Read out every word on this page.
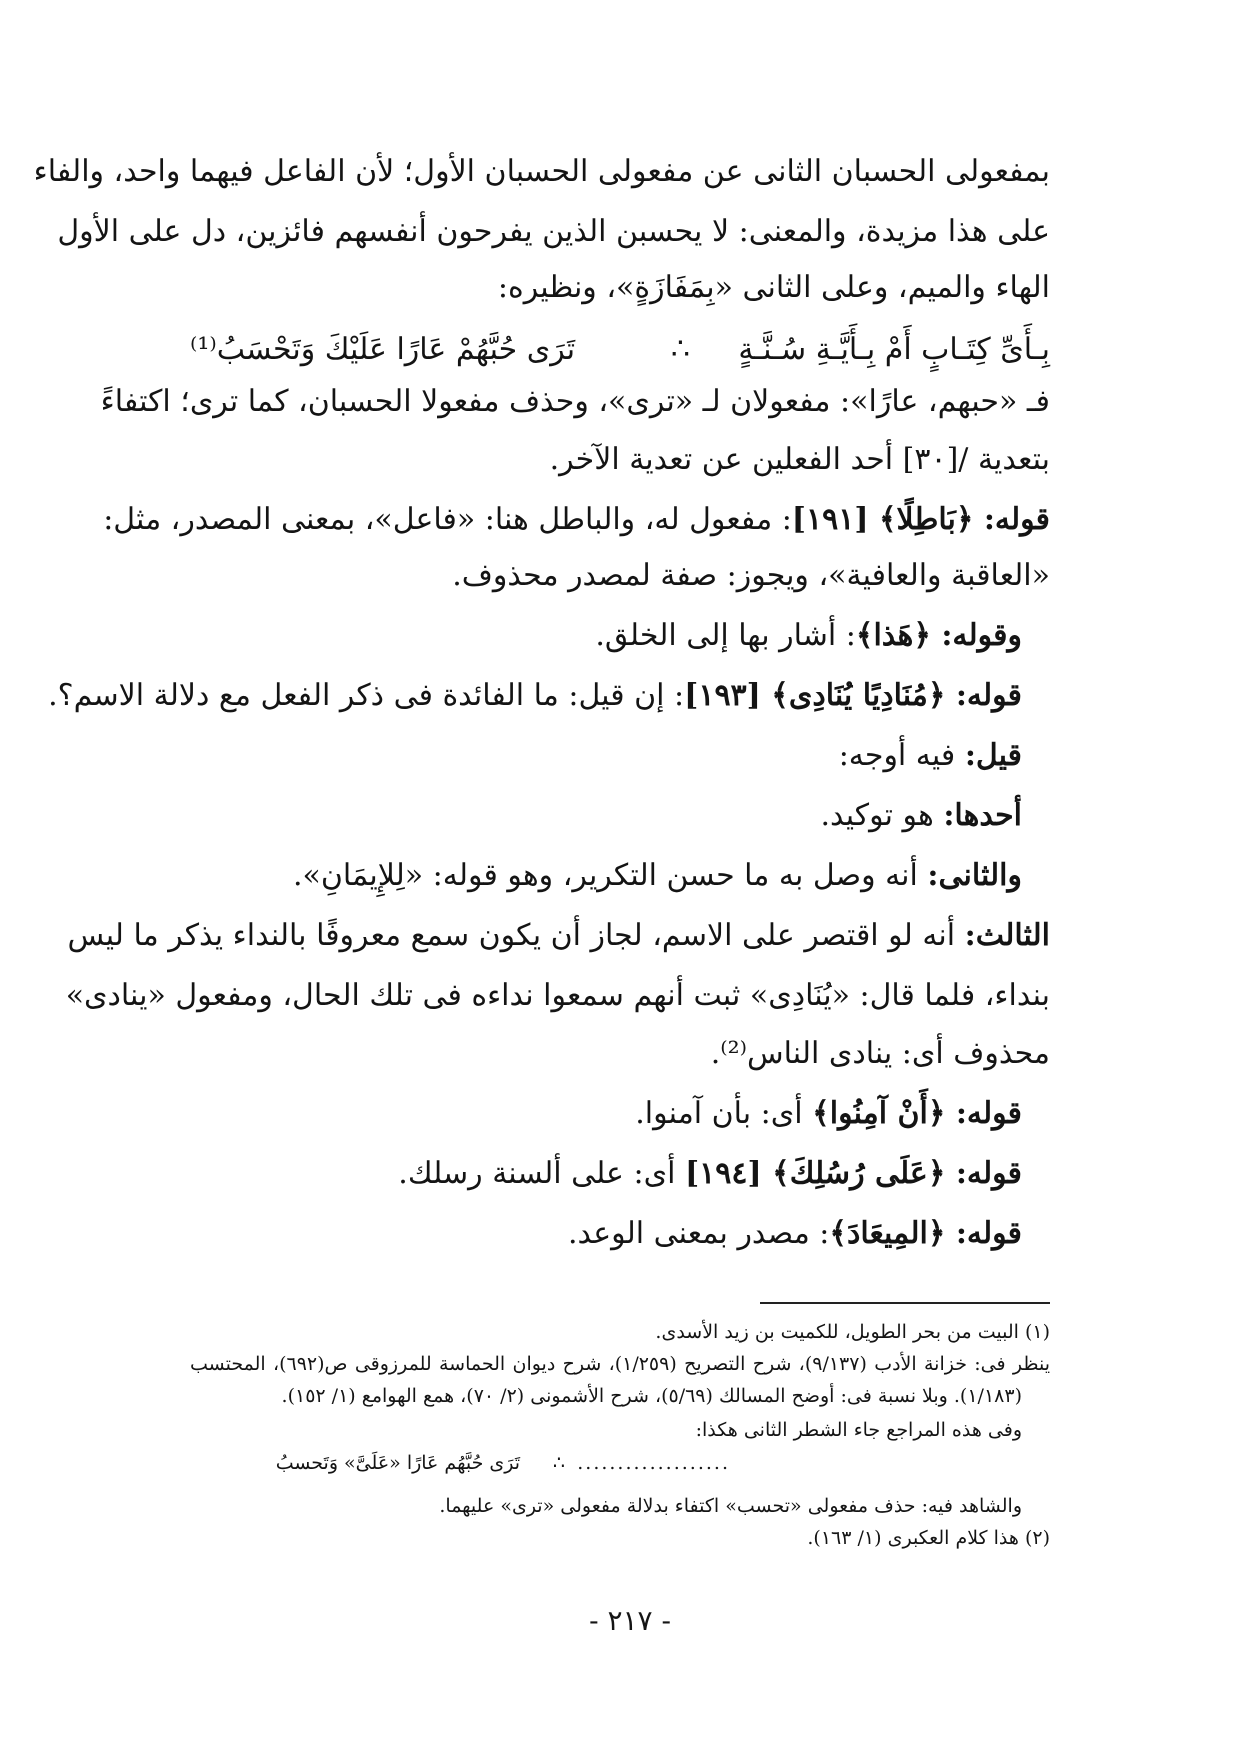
بمفعولى الحسبان الثانى عن مفعولى الحسبان الأول؛ لأن الفاعل فيهما واحد، والفاء
على هذا مزيدة، والمعنى: لا يحسبن الذين يفرحون أنفسهم فائزين، دل على الأول
الهاء والميم، وعلى الثانى «بِمَفَازَةٍ»، ونظيره:
بِـأَىِّ كِتَـابٍ أَمْ بِـأَيَّـةِ سُـنَّـةٍ
∴
تَرَى حُبَّهُمْ عَارًا عَلَيْكَ وَتَحْسَبُ⁽¹⁾
فـ «حبهم، عارًا»: مفعولان لـ «ترى»، وحذف مفعولا الحسبان، كما ترى؛ اكتفاءً
بتعدية /[٣٠] أحد الفعلين عن تعدية الآخر.
قوله: ﴿بَاطِلًا﴾ [١٩١]: مفعول له، والباطل هنا: «فاعل»، بمعنى المصدر، مثل:
«العاقبة والعافية»، ويجوز: صفة لمصدر محذوف.
وقوله: ﴿هَذا﴾: أشار بها إلى الخلق.
قوله: ﴿مُنَادِيًا يُنَادِى﴾ [١٩٣]: إن قيل: ما الفائدة فى ذكر الفعل مع دلالة الاسم؟.
قيل: فيه أوجه:
أحدها: هو توكيد.
والثانى: أنه وصل به ما حسن التكرير، وهو قوله: «لِلإِيمَانِ».
الثالث: أنه لو اقتصر على الاسم، لجاز أن يكون سمع معروفًا بالنداء يذكر ما ليس
بنداء، فلما قال: «يُنَادِى» ثبت أنهم سمعوا نداءه فى تلك الحال، ومفعول «ينادى»
محذوف أى: ينادى الناس⁽²⁾.
قوله: ﴿أَنْ آمِنُوا﴾ أى: بأن آمنوا.
قوله: ﴿عَلَى رُسُلِكَ﴾ [١٩٤] أى: على ألسنة رسلك.
قوله: ﴿المِيعَادَ﴾: مصدر بمعنى الوعد.
(١) البيت من بحر الطويل، للكميت بن زيد الأسدى.
ينظر فى: خزانة الأدب (٩/١٣٧)، شرح التصريح (١/٢٥٩)، شرح ديوان الحماسة للمرزوقى ص(٦٩٢)، المحتسب
(١/١٨٣). وبلا نسبة فى: أوضح المسالك (٥/٦٩)، شرح الأشمونى (٢/ ٧٠)، همع الهوامع (١/ ١٥٢).
وفى هذه المراجع جاء الشطر الثانى هكذا:
...................
∴
تَرَى حُبَّهُم عَارًا «عَلَىَّ» وَتَحسبُ
والشاهد فيه: حذف مفعولى «تحسب» اكتفاء بدلالة مفعولى «ترى» عليهما.
(٢) هذا كلام العكبرى (١/ ١٦٣).
- ٢١٧ -
